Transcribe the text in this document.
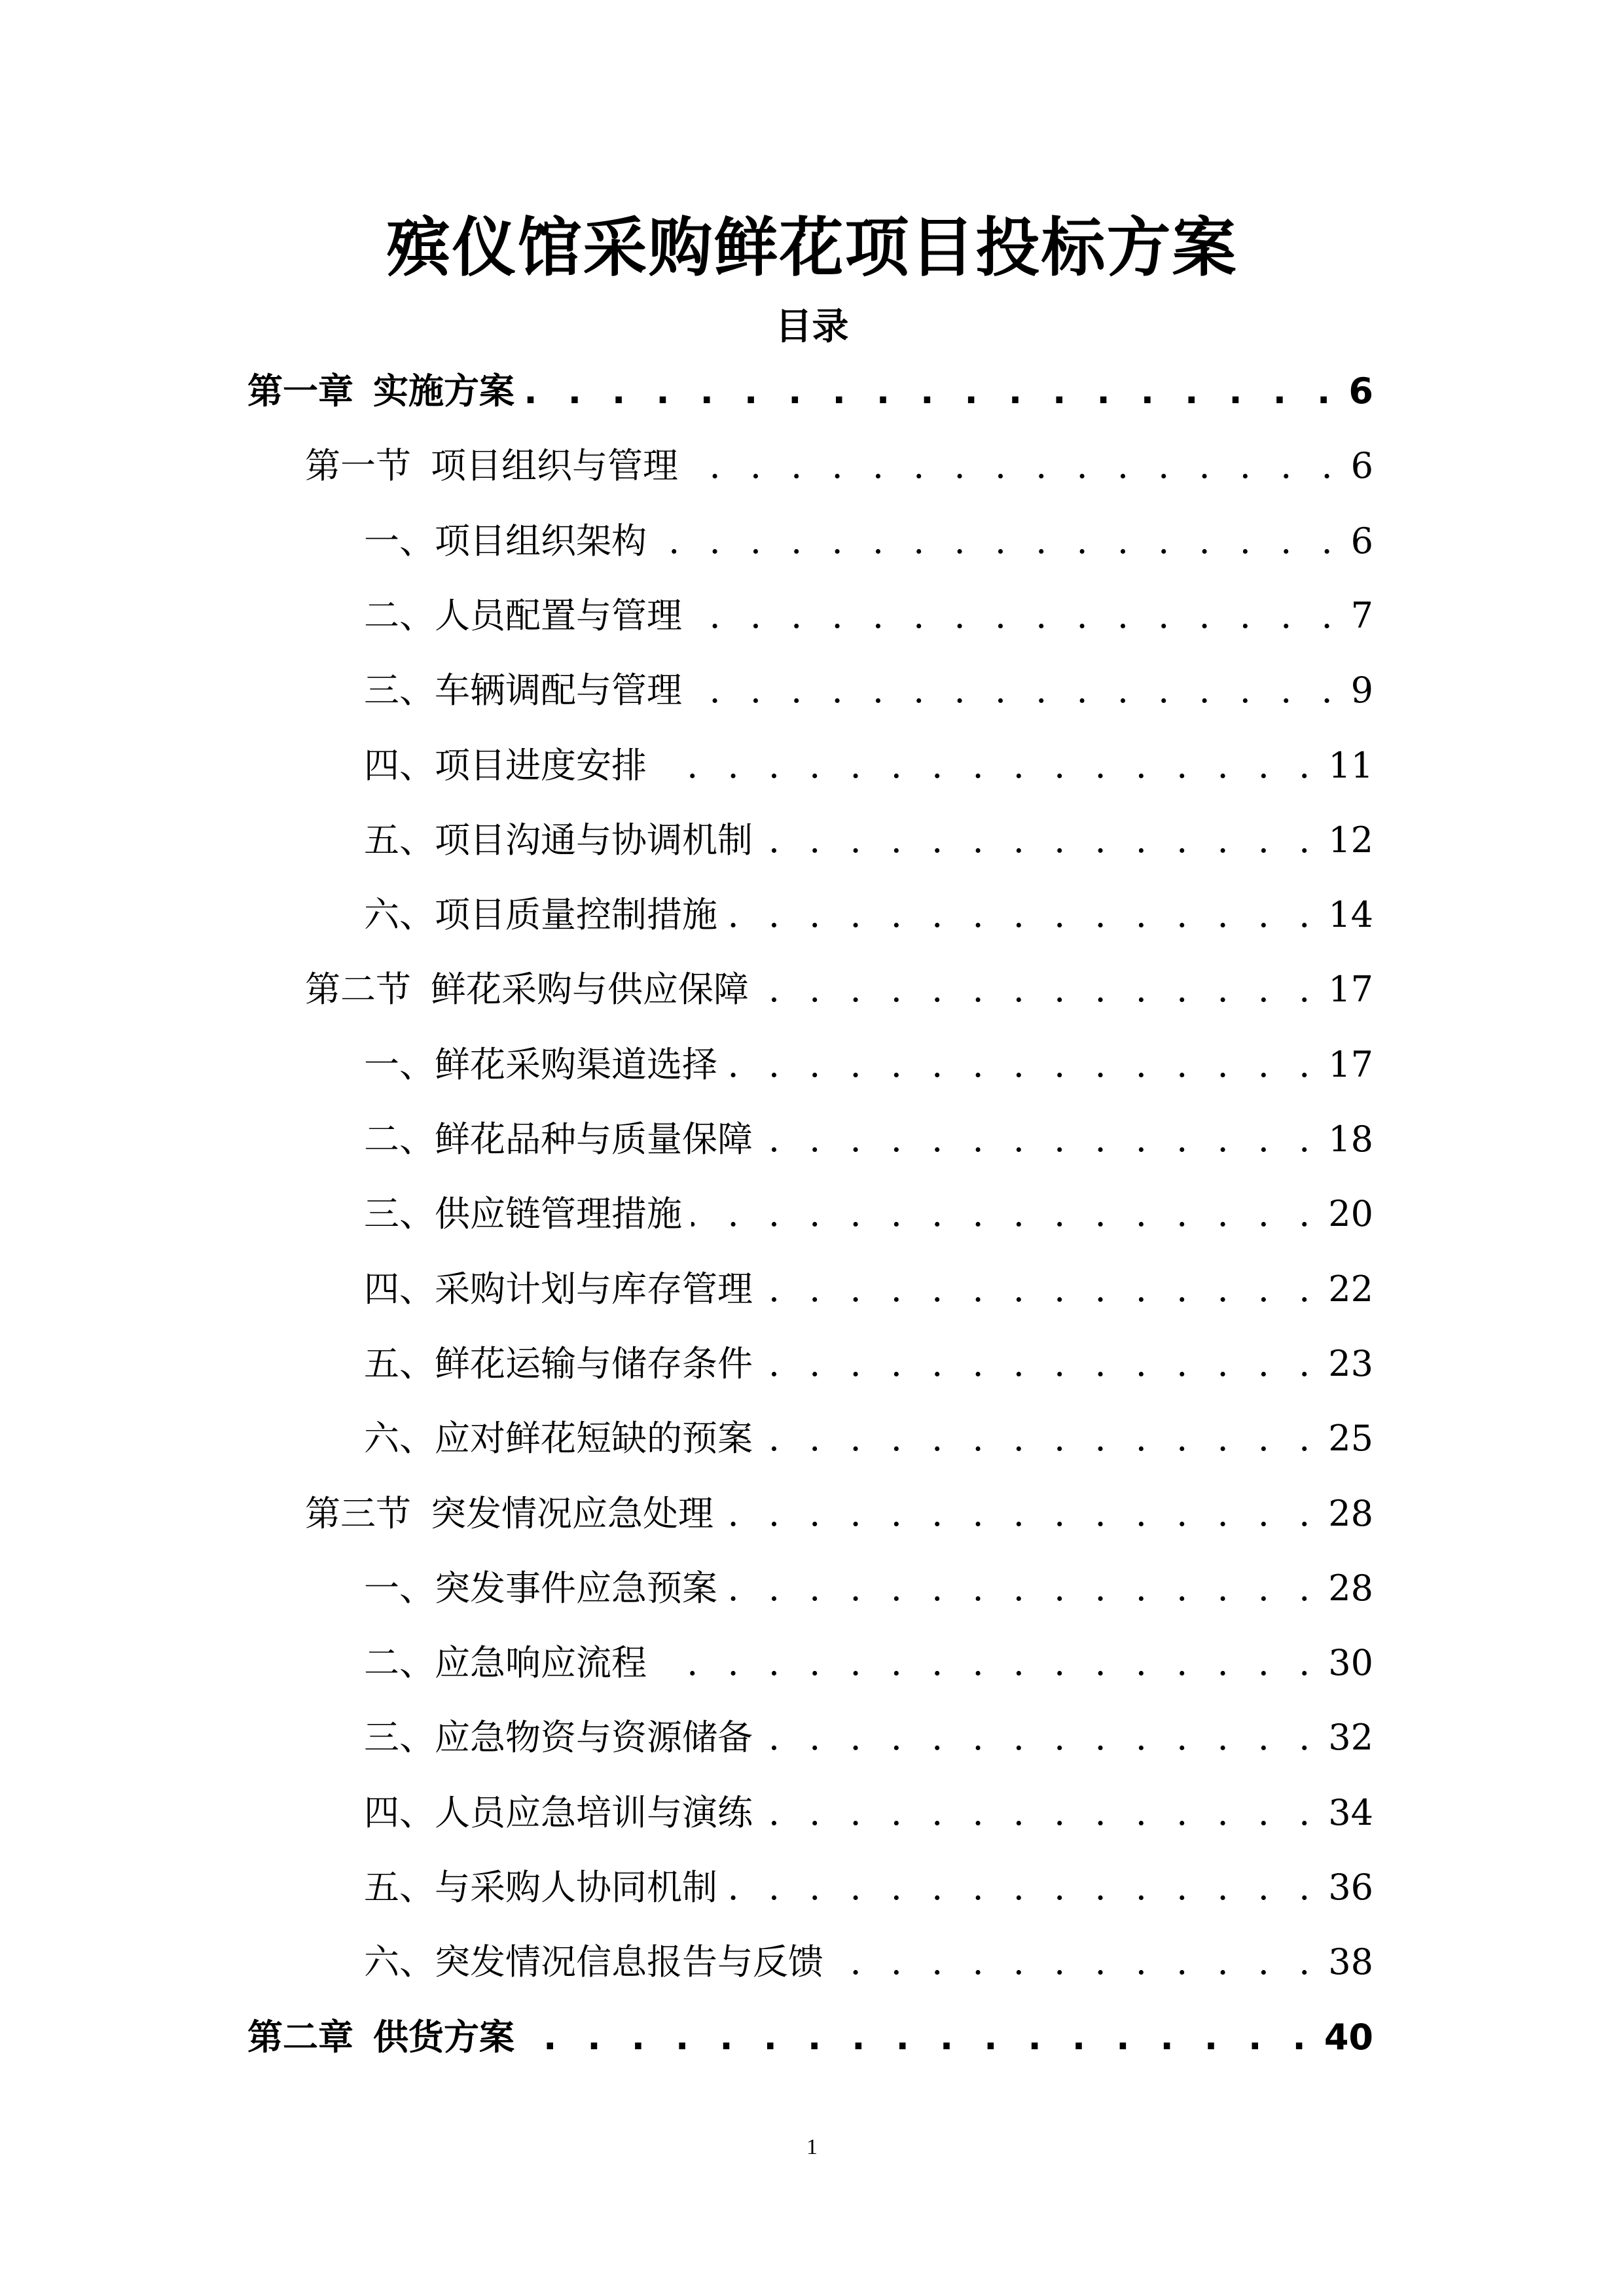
殡仪馆采购鲜花项目投标方案
目录
第一章 实施方案 . . .	6
第一节 项目组织与管理 . . .	6
一、 项目组织架构 . . .	6
二、 人员配置与管理 . . .	7
三、 车辆调配与管理 . . .	9
四、 项目进度安排 . . .	11
五、 项目沟通与协调机制 . . .	12
六、 项目质量控制措施 . . .	14
第二节 鲜花采购与供应保障 . . .	17
一、 鲜花采购渠道选择 . . .	17
二、 鲜花品种与质量保障 . . .	18
三、 供应链管理措施 . . .	20
四、 采购计划与库存管理 . . .	22
五、 鲜花运输与储存条件 . . .	23
六、 应对鲜花短缺的预案 . . .	25
第三节 突发情况应急处理 . . .	28
一、 突发事件应急预案 . . .	28
二、 应急响应流程 . . .	30
三、 应急物资与资源储备 . . .	32
四、 人员应急培训与演练 . . .	34
五、 与采购人协同机制 . . .	36
六、 突发情况信息报告与反馈 . . .	38
第二章 供货方案 . . .	40
1
